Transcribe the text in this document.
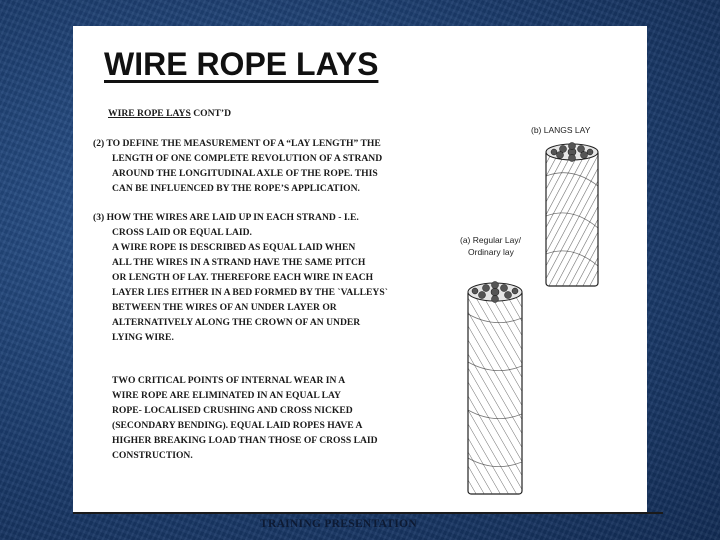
WIRE ROPE LAYS
WIRE ROPE LAYS CONT’D
(2) TO DEFINE THE MEASUREMENT OF A “LAY LENGTH” THE
LENGTH OF ONE COMPLETE REVOLUTION OF A STRAND
AROUND THE LONGITUDINAL AXLE OF THE ROPE. THIS
CAN BE INFLUENCED BY THE ROPE’S APPLICATION.
(3) HOW THE WIRES ARE LAID UP IN EACH STRAND - I.E.
CROSS LAID OR EQUAL LAID.
A WIRE ROPE IS DESCRIBED AS EQUAL LAID WHEN
ALL THE WIRES IN A STRAND HAVE THE SAME PITCH
OR LENGTH OF LAY. THEREFORE EACH WIRE IN EACH
LAYER LIES EITHER IN A BED FORMED BY THE `VALLEYS`
BETWEEN THE WIRES OF AN UNDER LAYER OR
ALTERNATIVELY ALONG THE CROWN OF AN UNDER
LYING WIRE.
TWO CRITICAL POINTS OF INTERNAL WEAR IN A
WIRE ROPE ARE ELIMINATED IN AN EQUAL LAY
ROPE- LOCALISED CRUSHING AND CROSS NICKED
(SECONDARY BENDING). EQUAL LAID ROPES HAVE A
HIGHER BREAKING LOAD THAN THOSE OF CROSS LAID
CONSTRUCTION.
(b) LANGS LAY
(a) Regular Lay/
Ordinary lay
TRAINING PRESENTATION
